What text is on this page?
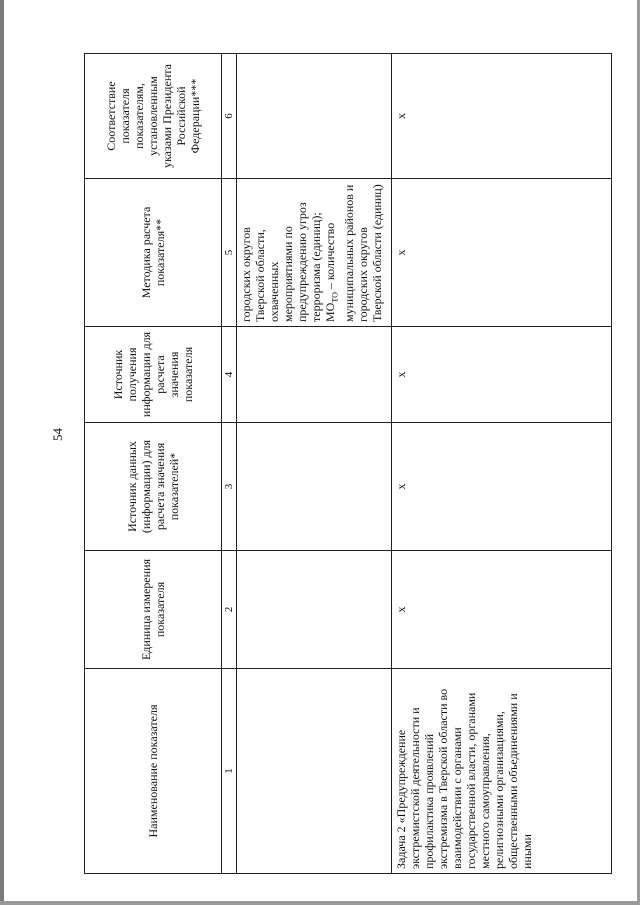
54
Наименование показателя	Единица измерения показателя	Источник данных (информации) для расчета значения показателей*	Источник получения информации для расчета значения показателя	Методика расчета показателя**	Соответствие показателя показателям, установленным указами Президента Российской Федерации***
1	2	3	4	5	6
				городских округов Тверской области, охваченных мероприятиями по предупреждению угроз терроризма (единиц);
$МО_{ТО}$ – количество муниципальных районов и городских округов Тверской области (единиц)	
Задача 2 «Предупреждение экстремистской деятельности и профилактика проявлений экстремизма в Тверской области во взаимодействии с органами государственной власти, органами местного самоуправления, религиозными организациями, общественными объединениями и иными	х	х	х	х	х
